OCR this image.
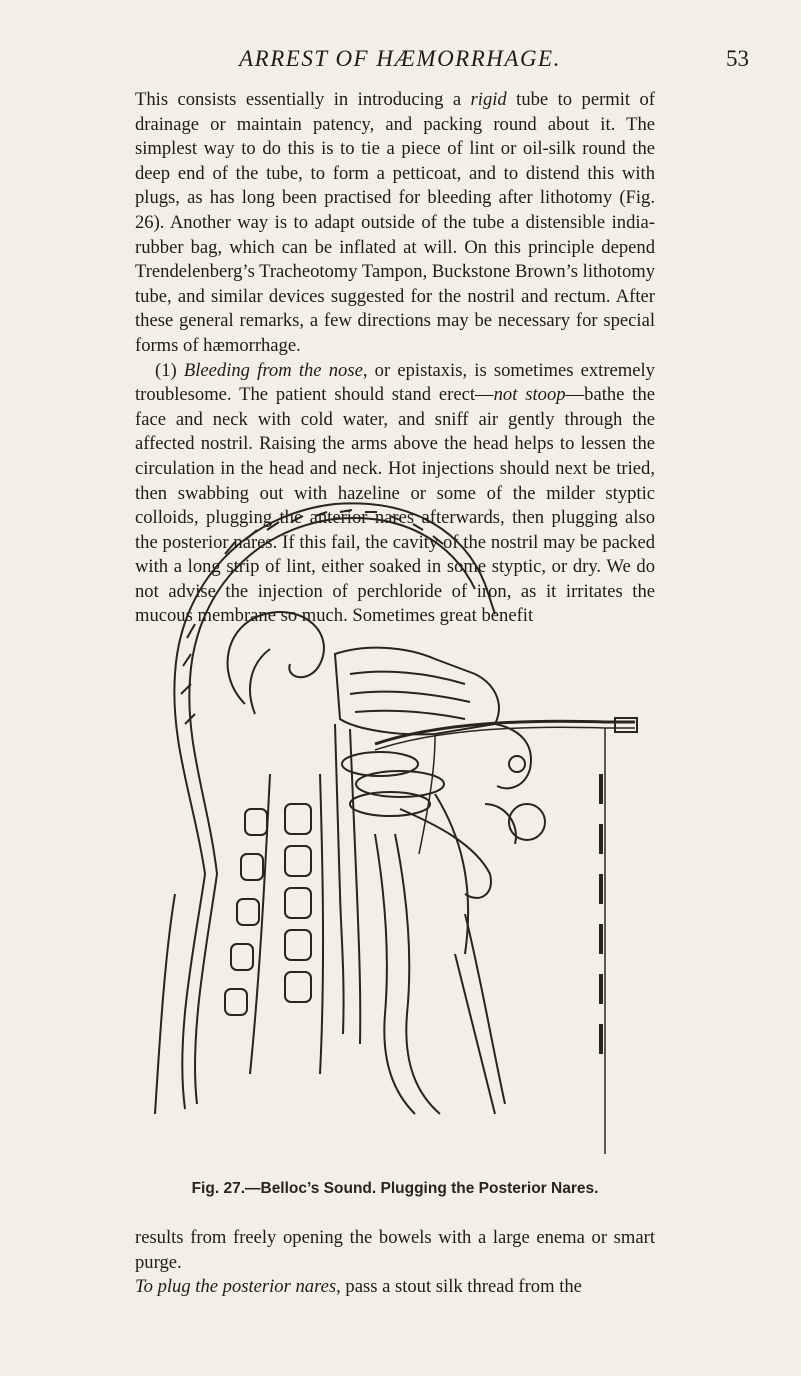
ARREST OF HÆMORRHAGE.	53

This consists essentially in introducing a rigid tube to permit of drainage or maintain patency, and packing round about it. The simplest way to do this is to tie a piece of lint or oil-silk round the deep end of the tube, to form a petticoat, and to distend this with plugs, as has long been practised for bleeding after lithotomy (Fig. 26). Another way is to adapt outside of the tube a distensible india-rubber bag, which can be inflated at will. On this principle depend Trendelenberg’s Tracheotomy Tampon, Buckstone Brown’s lithotomy tube, and similar devices suggested for the nostril and rectum. After these general remarks, a few directions may be necessary for special forms of hæmorrhage.

(1) Bleeding from the nose, or epistaxis, is sometimes extremely troublesome. The patient should stand erect—not stoop—bathe the face and neck with cold water, and sniff air gently through the affected nostril. Raising the arms above the head helps to lessen the circulation in the head and neck. Hot injections should next be tried, then swabbing out with hazeline or some of the milder styptic colloids, plugging the anterior nares afterwards, then plugging also the posterior nares. If this fail, the cavity of the nostril may be packed with a long strip of lint, either soaked in some styptic, or dry. We do not advise the injection of perchloride of iron, as it irritates the mucous membrane so much. Sometimes great benefit

Fig. 27.—Belloc’s Sound. Plugging the Posterior Nares.

results from freely opening the bowels with a large enema or smart purge.

To plug the posterior nares, pass a stout silk thread from the
